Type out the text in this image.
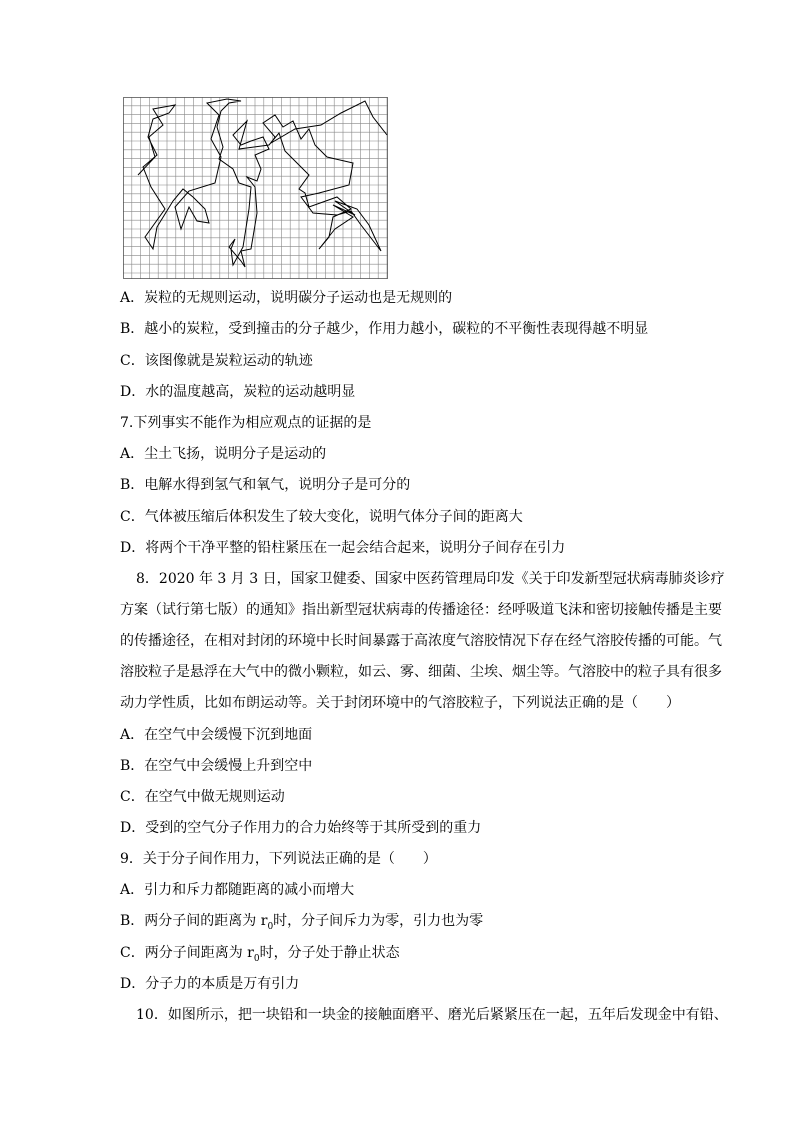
A．炭粒的无规则运动，说明碳分子运动也是无规则的
B．越小的炭粒，受到撞击的分子越少，作用力越小，碳粒的不平衡性表现得越不明显
C．该图像就是炭粒运动的轨迹
D．水的温度越高，炭粒的运动越明显
7.下列事实不能作为相应观点的证据的是
A．尘土飞扬，说明分子是运动的
B．电解水得到氢气和氧气，说明分子是可分的
C．气体被压缩后体积发生了较大变化，说明气体分子间的距离大
D．将两个干净平整的铅柱紧压在一起会结合起来，说明分子间存在引力
8．2020 年 3 月 3 日，国家卫健委、国家中医药管理局印发《关于印发新型冠状病毒肺炎诊疗
方案（试行第七版）的通知》指出新型冠状病毒的传播途径：经呼吸道飞沫和密切接触传播是主要
的传播途径，在相对封闭的环境中长时间暴露于高浓度气溶胶情况下存在经气溶胶传播的可能。气
溶胶粒子是悬浮在大气中的微小颗粒，如云、雾、细菌、尘埃、烟尘等。气溶胶中的粒子具有很多
动力学性质，比如布朗运动等。关于封闭环境中的气溶胶粒子，下列说法正确的是（　　）
A．在空气中会缓慢下沉到地面
B．在空气中会缓慢上升到空中
C．在空气中做无规则运动
D．受到的空气分子作用力的合力始终等于其所受到的重力
9．关于分子间作用力，下列说法正确的是（　　）
A．引力和斥力都随距离的减小而增大
B．两分子间的距离为 $r_0$时，分子间斥力为零，引力也为零
C．两分子间距离为 $r_0$时，分子处于静止状态
D．分子力的本质是万有引力
10．如图所示，把一块铅和一块金的接触面磨平、磨光后紧紧压在一起，五年后发现金中有铅、
